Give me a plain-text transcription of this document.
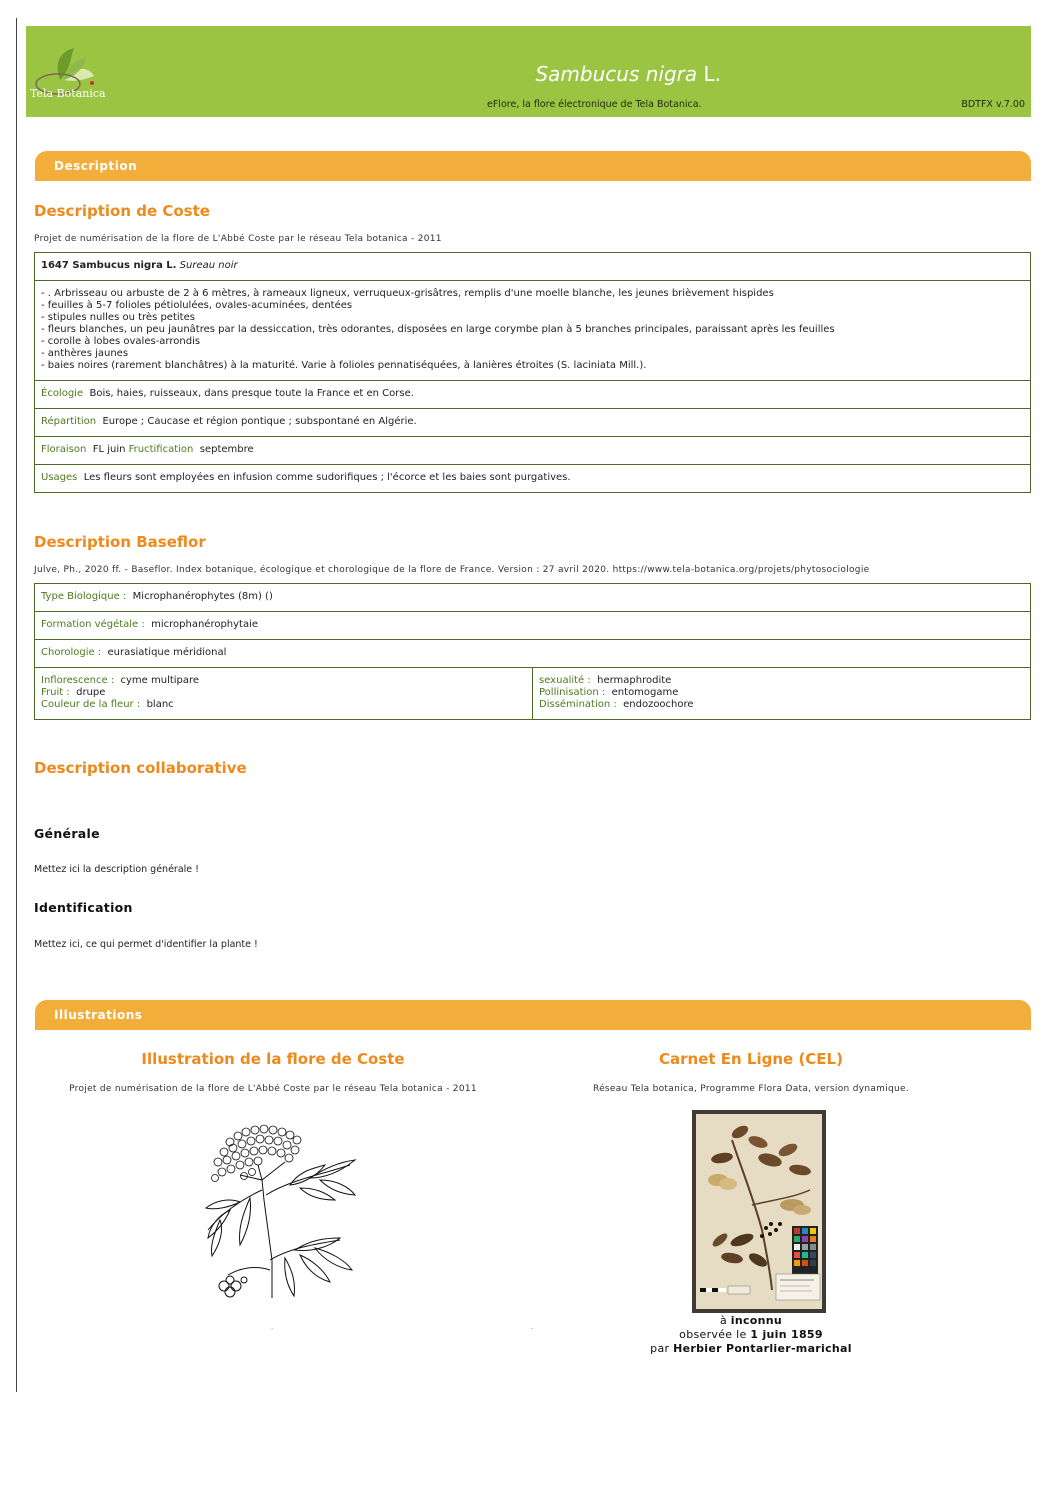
Tela Botanica
Sambucus nigra L.
eFlore, la flore électronique de Tela Botanica.	BDTFX v.7.00
Description
Description de Coste
Projet de numérisation de la flore de L'Abbé Coste par le réseau Tela botanica - 2011
1647 Sambucus nigra L. Sureau noir
- . Arbrisseau ou arbuste de 2 à 6 mètres, à rameaux ligneux, verruqueux-grisâtres, remplis d'une moelle blanche, les jeunes brièvement hispides
- feuilles à 5-7 folioles pétiolulées, ovales-acuminées, dentées
- stipules nulles ou très petites
- fleurs blanches, un peu jaunâtres par la dessiccation, très odorantes, disposées en large corymbe plan à 5 branches principales, paraissant après les feuilles
- corolle à lobes ovales-arrondis
- anthères jaunes
- baies noires (rarement blanchâtres) à la maturité. Varie à folioles pennatiséquées, à lanières étroites (S. laciniata Mill.).
Écologie Bois, haies, ruisseaux, dans presque toute la France et en Corse.
Répartition Europe ; Caucase et région pontique ; subspontané en Algérie.
Floraison FL juin Fructification septembre
Usages Les fleurs sont employées en infusion comme sudorifiques ; l'écorce et les baies sont purgatives.
Description Baseflor
Julve, Ph., 2020 ff. - Baseflor. Index botanique, écologique et chorologique de la flore de France. Version : 27 avril 2020. https://www.tela-botanica.org/projets/phytosociologie
Type Biologique : Microphanérophytes (8m) ()
Formation végétale : microphanérophytaie
Chorologie : eurasiatique méridional
Inflorescence : cyme multipare
Fruit : drupe
Couleur de la fleur : blanc
sexualité : hermaphrodite
Pollinisation : entomogame
Dissémination : endozoochore
Description collaborative
Générale
Mettez ici la description générale !
Identification
Mettez ici, ce qui permet d'identifier la plante !
Illustrations
Illustration de la flore de Coste
Projet de numérisation de la flore de L'Abbé Coste par le réseau Tela botanica - 2011
.	.
Carnet En Ligne (CEL)
Réseau Tela botanica, Programme Flora Data, version dynamique.
à inconnu
observée le 1 juin 1859
par Herbier Pontarlier-marichal
